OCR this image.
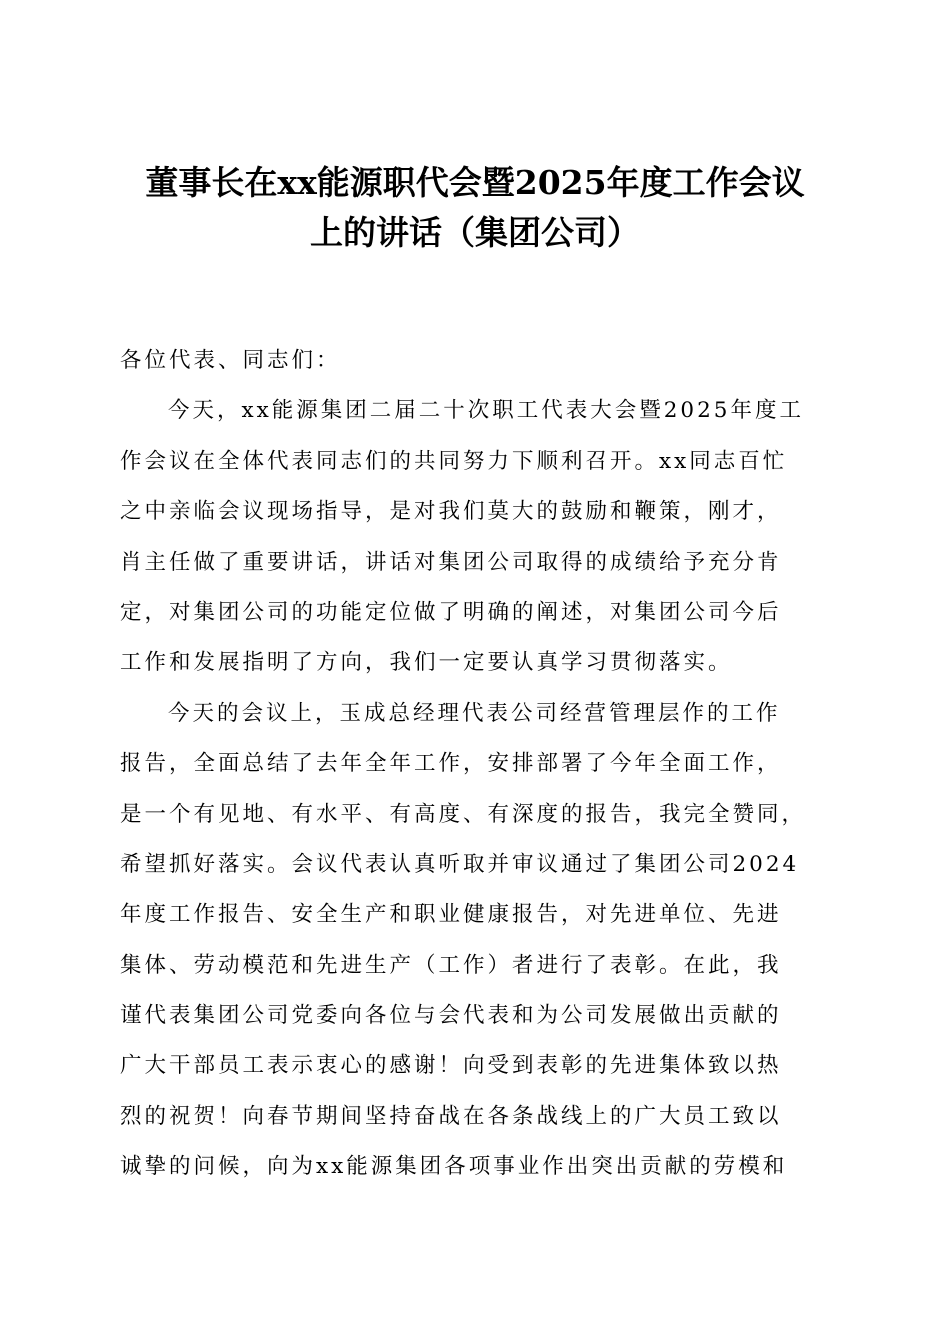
董事长在xx能源职代会暨2025年度工作会议
上的讲话（集团公司）
各位代表、同志们：
今天，xx能源集团二届二十次职工代表大会暨2025年度工
作会议在全体代表同志们的共同努力下顺利召开。xx同志百忙
之中亲临会议现场指导，是对我们莫大的鼓励和鞭策，刚才，
肖主任做了重要讲话，讲话对集团公司取得的成绩给予充分肯
定，对集团公司的功能定位做了明确的阐述，对集团公司今后
工作和发展指明了方向，我们一定要认真学习贯彻落实。
今天的会议上，玉成总经理代表公司经营管理层作的工作
报告，全面总结了去年全年工作，安排部署了今年全面工作，
是一个有见地、有水平、有高度、有深度的报告，我完全赞同，
希望抓好落实。会议代表认真听取并审议通过了集团公司2024
年度工作报告、安全生产和职业健康报告，对先进单位、先进
集体、劳动模范和先进生产（工作）者进行了表彰。在此，我
谨代表集团公司党委向各位与会代表和为公司发展做出贡献的
广大干部员工表示衷心的感谢！向受到表彰的先进集体致以热
烈的祝贺！向春节期间坚持奋战在各条战线上的广大员工致以
诚挚的问候，向为xx能源集团各项事业作出突出贡献的劳模和
